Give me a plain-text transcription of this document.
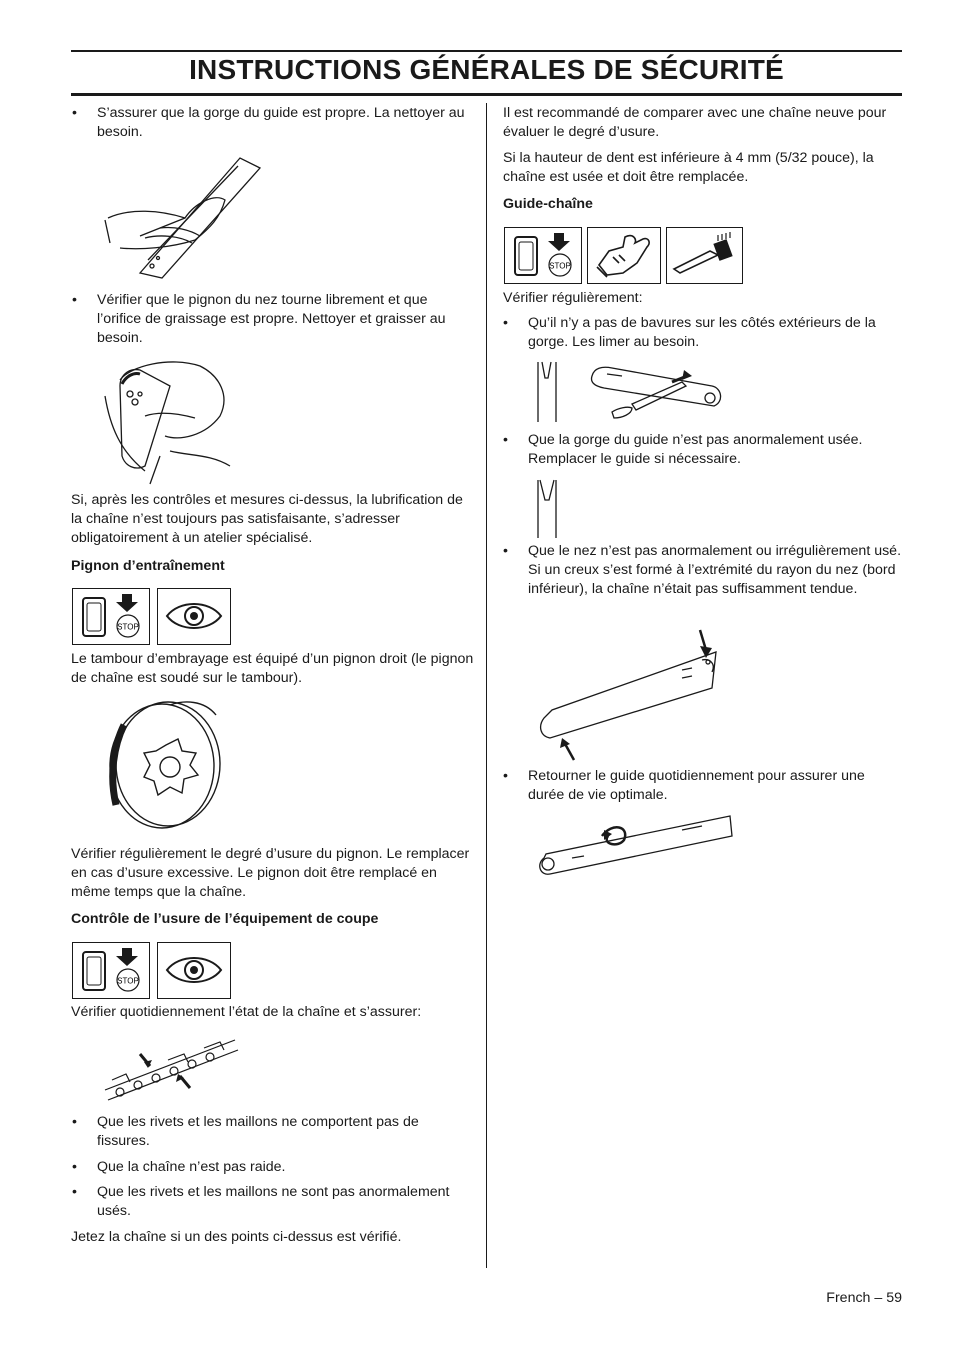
INSTRUCTIONS GÉNÉRALES DE SÉCURITÉ
• S’assurer que la gorge du guide est propre. La nettoyer au besoin.

• Vérifier que le pignon du nez tourne librement et que l’orifice de graissage est propre. Nettoyer et graisser au besoin.

Si, après les contrôles et mesures ci-dessus, la lubrification de la chaîne n’est toujours pas satisfaisante, s’adresser obligatoirement à un atelier spécialisé.

Pignon d’entraînement

STOP

Le tambour d’embrayage est équipé d’un pignon droit (le pignon de chaîne est soudé sur le tambour).

Vérifier régulièrement le degré d’usure du pignon. Le remplacer en cas d’usure excessive. Le pignon doit être remplacé en même temps que la chaîne.

Contrôle de l’usure de l’équipement de coupe

STOP

Vérifier quotidiennement l’état de la chaîne et s’assurer:

• Que les rivets et les maillons ne comportent pas de fissures.

• Que la chaîne n’est pas raide.

• Que les rivets et les maillons ne sont pas anormalement usés.

Jetez la chaîne si un des points ci-dessus est vérifié.

Il est recommandé de comparer avec une chaîne neuve pour évaluer le degré d’usure.

Si la hauteur de dent est inférieure à 4 mm (5/32 pouce), la chaîne est usée et doit être remplacée.

Guide-chaîne

STOP

Vérifier régulièrement:

• Qu’il n’y a pas de bavures sur les côtés extérieurs de la gorge. Les limer au besoin.

• Que la gorge du guide n’est pas anormalement usée. Remplacer le guide si nécessaire.

• Que le nez n’est pas anormalement ou irrégulièrement usé. Si un creux s’est formé à l’extrémité du rayon du nez (bord inférieur), la chaîne n’était pas suffisamment tendue.

• Retourner le guide quotidiennement pour assurer une durée de vie optimale.

French – 59
